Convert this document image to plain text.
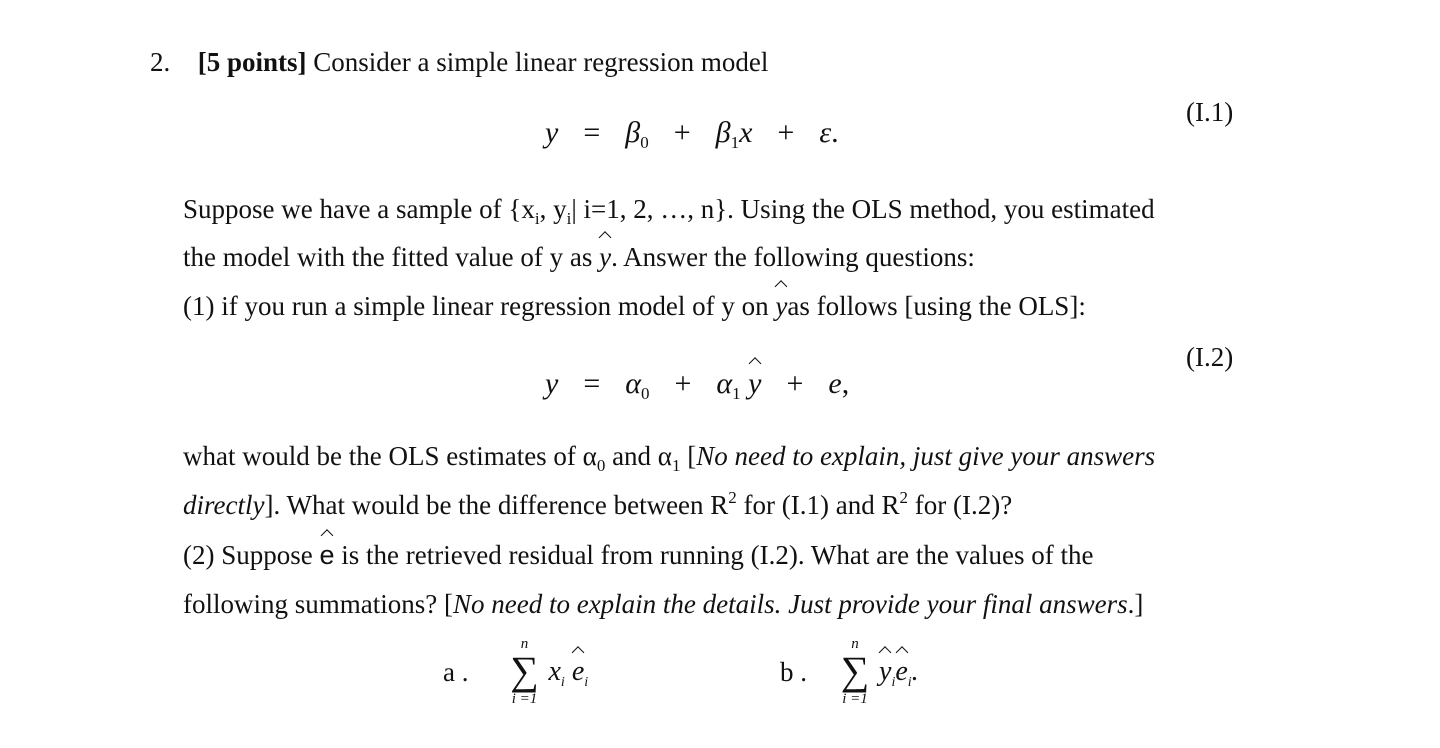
2. [5 points] Consider a simple linear regression model
(I.1)
$y = \beta_0 + \beta_1x + \varepsilon$.
Suppose we have a sample of {$x_i$, $y_i|$ i=1, 2, …, n}. Using the OLS method, you estimated
the model with the fitted value of y as y. Answer the following questions:
(1) if you run a simple linear regression model of y on yas follows [using the OLS]:
(I.2)
$y = \alpha_0 + \alpha_1$ y + e,
what would be the OLS estimates of $\alpha_0$ and $\alpha_1$ [No need to explain, just give your answers
directly]. What would be the difference between $R^2$ for (I.1) and $R^2$ for (I.2)?
(2) Suppose e is the retrieved residual from running (I.2). What are the values of the
following summations? [No need to explain the details. Just provide your final answers.]
a .
n
∑
i =1
$x_i$ $e_i$	b .
n
∑
i =1
$y_ie_i$.
